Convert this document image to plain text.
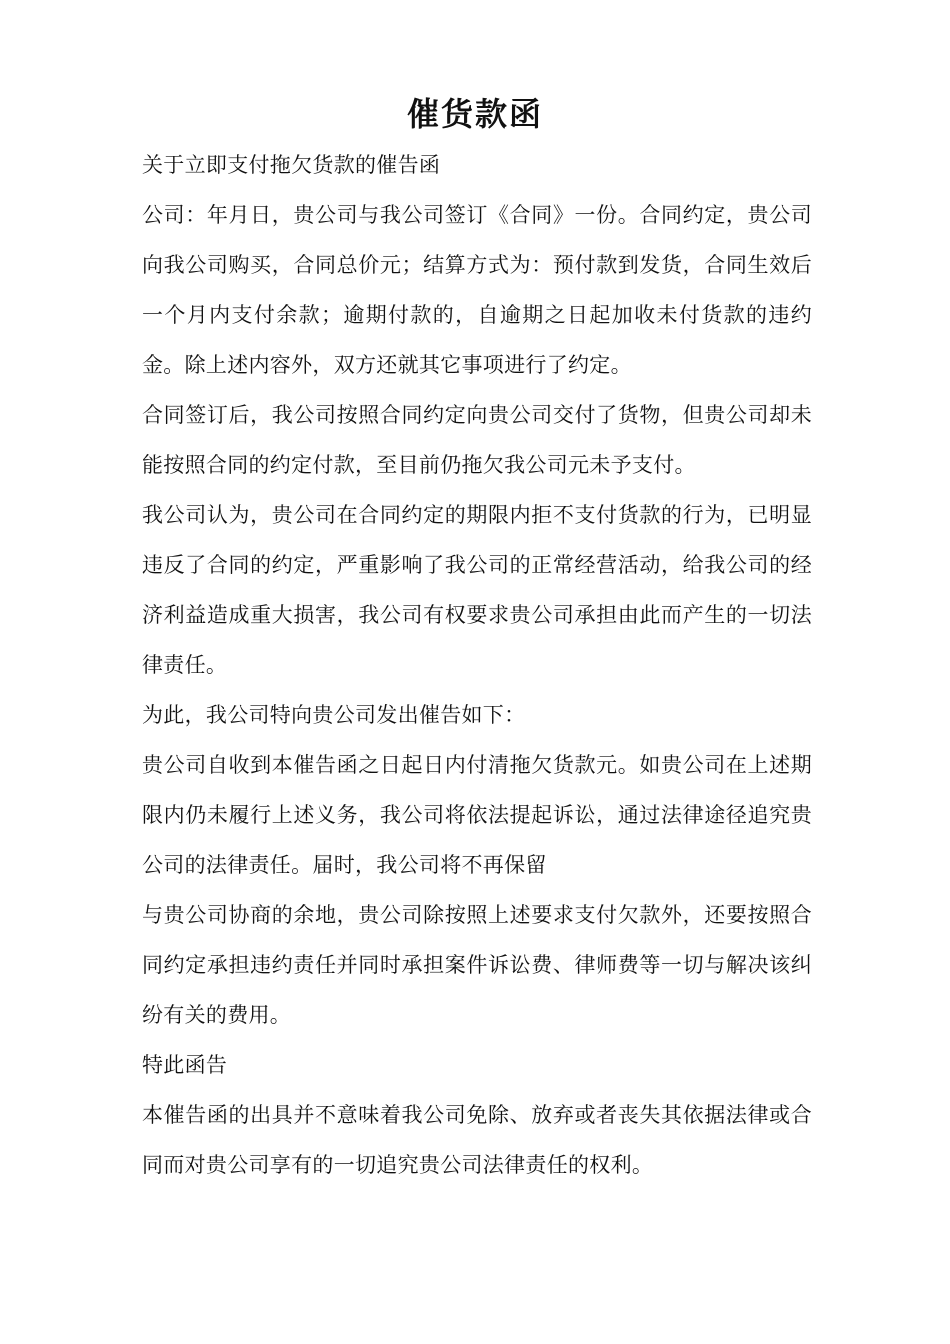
催货款函

关于立即支付拖欠货款的催告函

公司：年月日，贵公司与我公司签订《合同》一份。合同约定，贵公司向我公司购买，合同总价元；结算方式为：预付款到发货，合同生效后一个月内支付余款；逾期付款的，自逾期之日起加收未付货款的违约金。除上述内容外，双方还就其它事项进行了约定。

合同签订后，我公司按照合同约定向贵公司交付了货物，但贵公司却未能按照合同的约定付款，至目前仍拖欠我公司元未予支付。

我公司认为，贵公司在合同约定的期限内拒不支付货款的行为，已明显违反了合同的约定，严重影响了我公司的正常经营活动，给我公司的经济利益造成重大损害，我公司有权要求贵公司承担由此而产生的一切法律责任。

为此，我公司特向贵公司发出催告如下：

贵公司自收到本催告函之日起日内付清拖欠货款元。如贵公司在上述期限内仍未履行上述义务，我公司将依法提起诉讼，通过法律途径追究贵公司的法律责任。届时，我公司将不再保留

与贵公司协商的余地，贵公司除按照上述要求支付欠款外，还要按照合同约定承担违约责任并同时承担案件诉讼费、律师费等一切与解决该纠纷有关的费用。

特此函告

本催告函的出具并不意味着我公司免除、放弃或者丧失其依据法律或合同而对贵公司享有的一切追究贵公司法律责任的权利。
